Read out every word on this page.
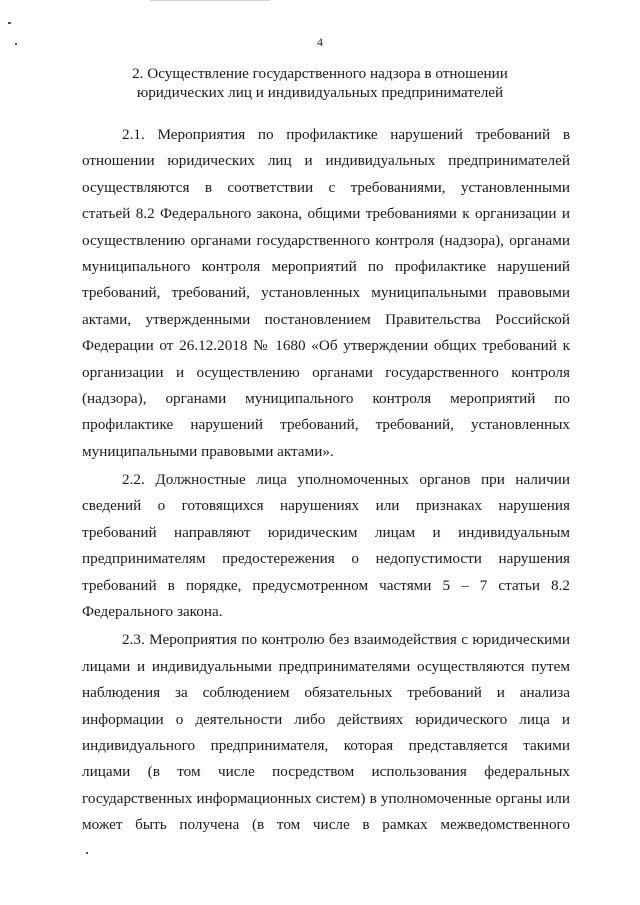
4
2. Осуществление государственного надзора в отношении
юридических лиц и индивидуальных предпринимателей
2.1. Мероприятия по профилактике нарушений требований в
отношении юридических лиц и индивидуальных предпринимателей
осуществляются в соответствии с требованиями, установленными
статьей 8.2 Федерального закона, общими требованиями к организации и
осуществлению органами государственного контроля (надзора), органами
муниципального контроля мероприятий по профилактике нарушений
требований, требований, установленных муниципальными правовыми
актами, утвержденными постановлением Правительства Российской
Федерации от 26.12.2018 № 1680 «Об утверждении общих требований к
организации и осуществлению органами государственного контроля
(надзора), органами муниципального контроля мероприятий по
профилактике нарушений требований, требований, установленных
муниципальными правовыми актами».
2.2. Должностные лица уполномоченных органов при наличии
сведений о готовящихся нарушениях или признаках нарушения
требований направляют юридическим лицам и индивидуальным
предпринимателям предостережения о недопустимости нарушения
требований в порядке, предусмотренном частями 5 – 7 статьи 8.2
Федерального закона.
2.3. Мероприятия по контролю без взаимодействия с юридическими
лицами и индивидуальными предпринимателями осуществляются путем
наблюдения за соблюдением обязательных требований и анализа
информации о деятельности либо действиях юридического лица и
индивидуального предпринимателя, которая представляется такими
лицами (в том числе посредством использования федеральных
государственных информационных систем) в уполномоченные органы или
может быть получена (в том числе в рамках межведомственного
